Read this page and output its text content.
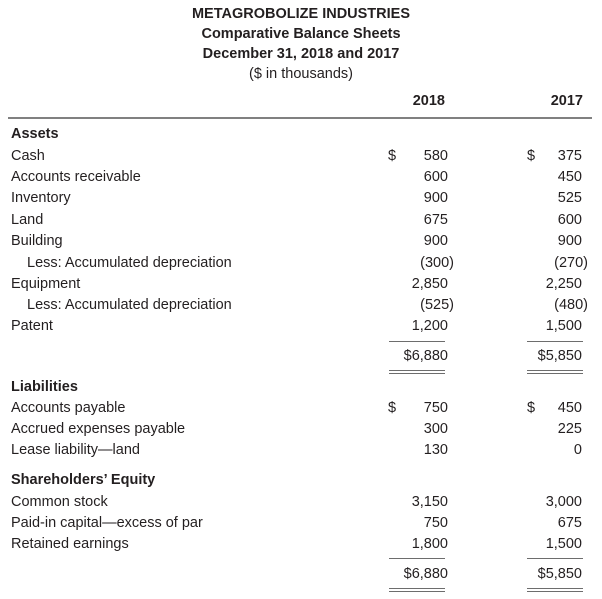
METAGROBOLIZE INDUSTRIES
Comparative Balance Sheets
December 31, 2018 and 2017
($ in thousands)
2018	2017
Assets
Cash	$	580	$	375
Accounts receivable	600	450
Inventory	900	525
Land	675	600
Building	900	900
Less: Accumulated depreciation	(300)	(270)
Equipment	2,850	2,250
Less: Accumulated depreciation	(525)	(480)
Patent	1,200	1,500
$6,880	$5,850
Liabilities
Accounts payable	$	750	$	450
Accrued expenses payable	300	225
Lease liability—land	130	0
Shareholders’ Equity
Common stock	3,150	3,000
Paid-in capital—excess of par	750	675
Retained earnings	1,800	1,500
$6,880	$5,850
